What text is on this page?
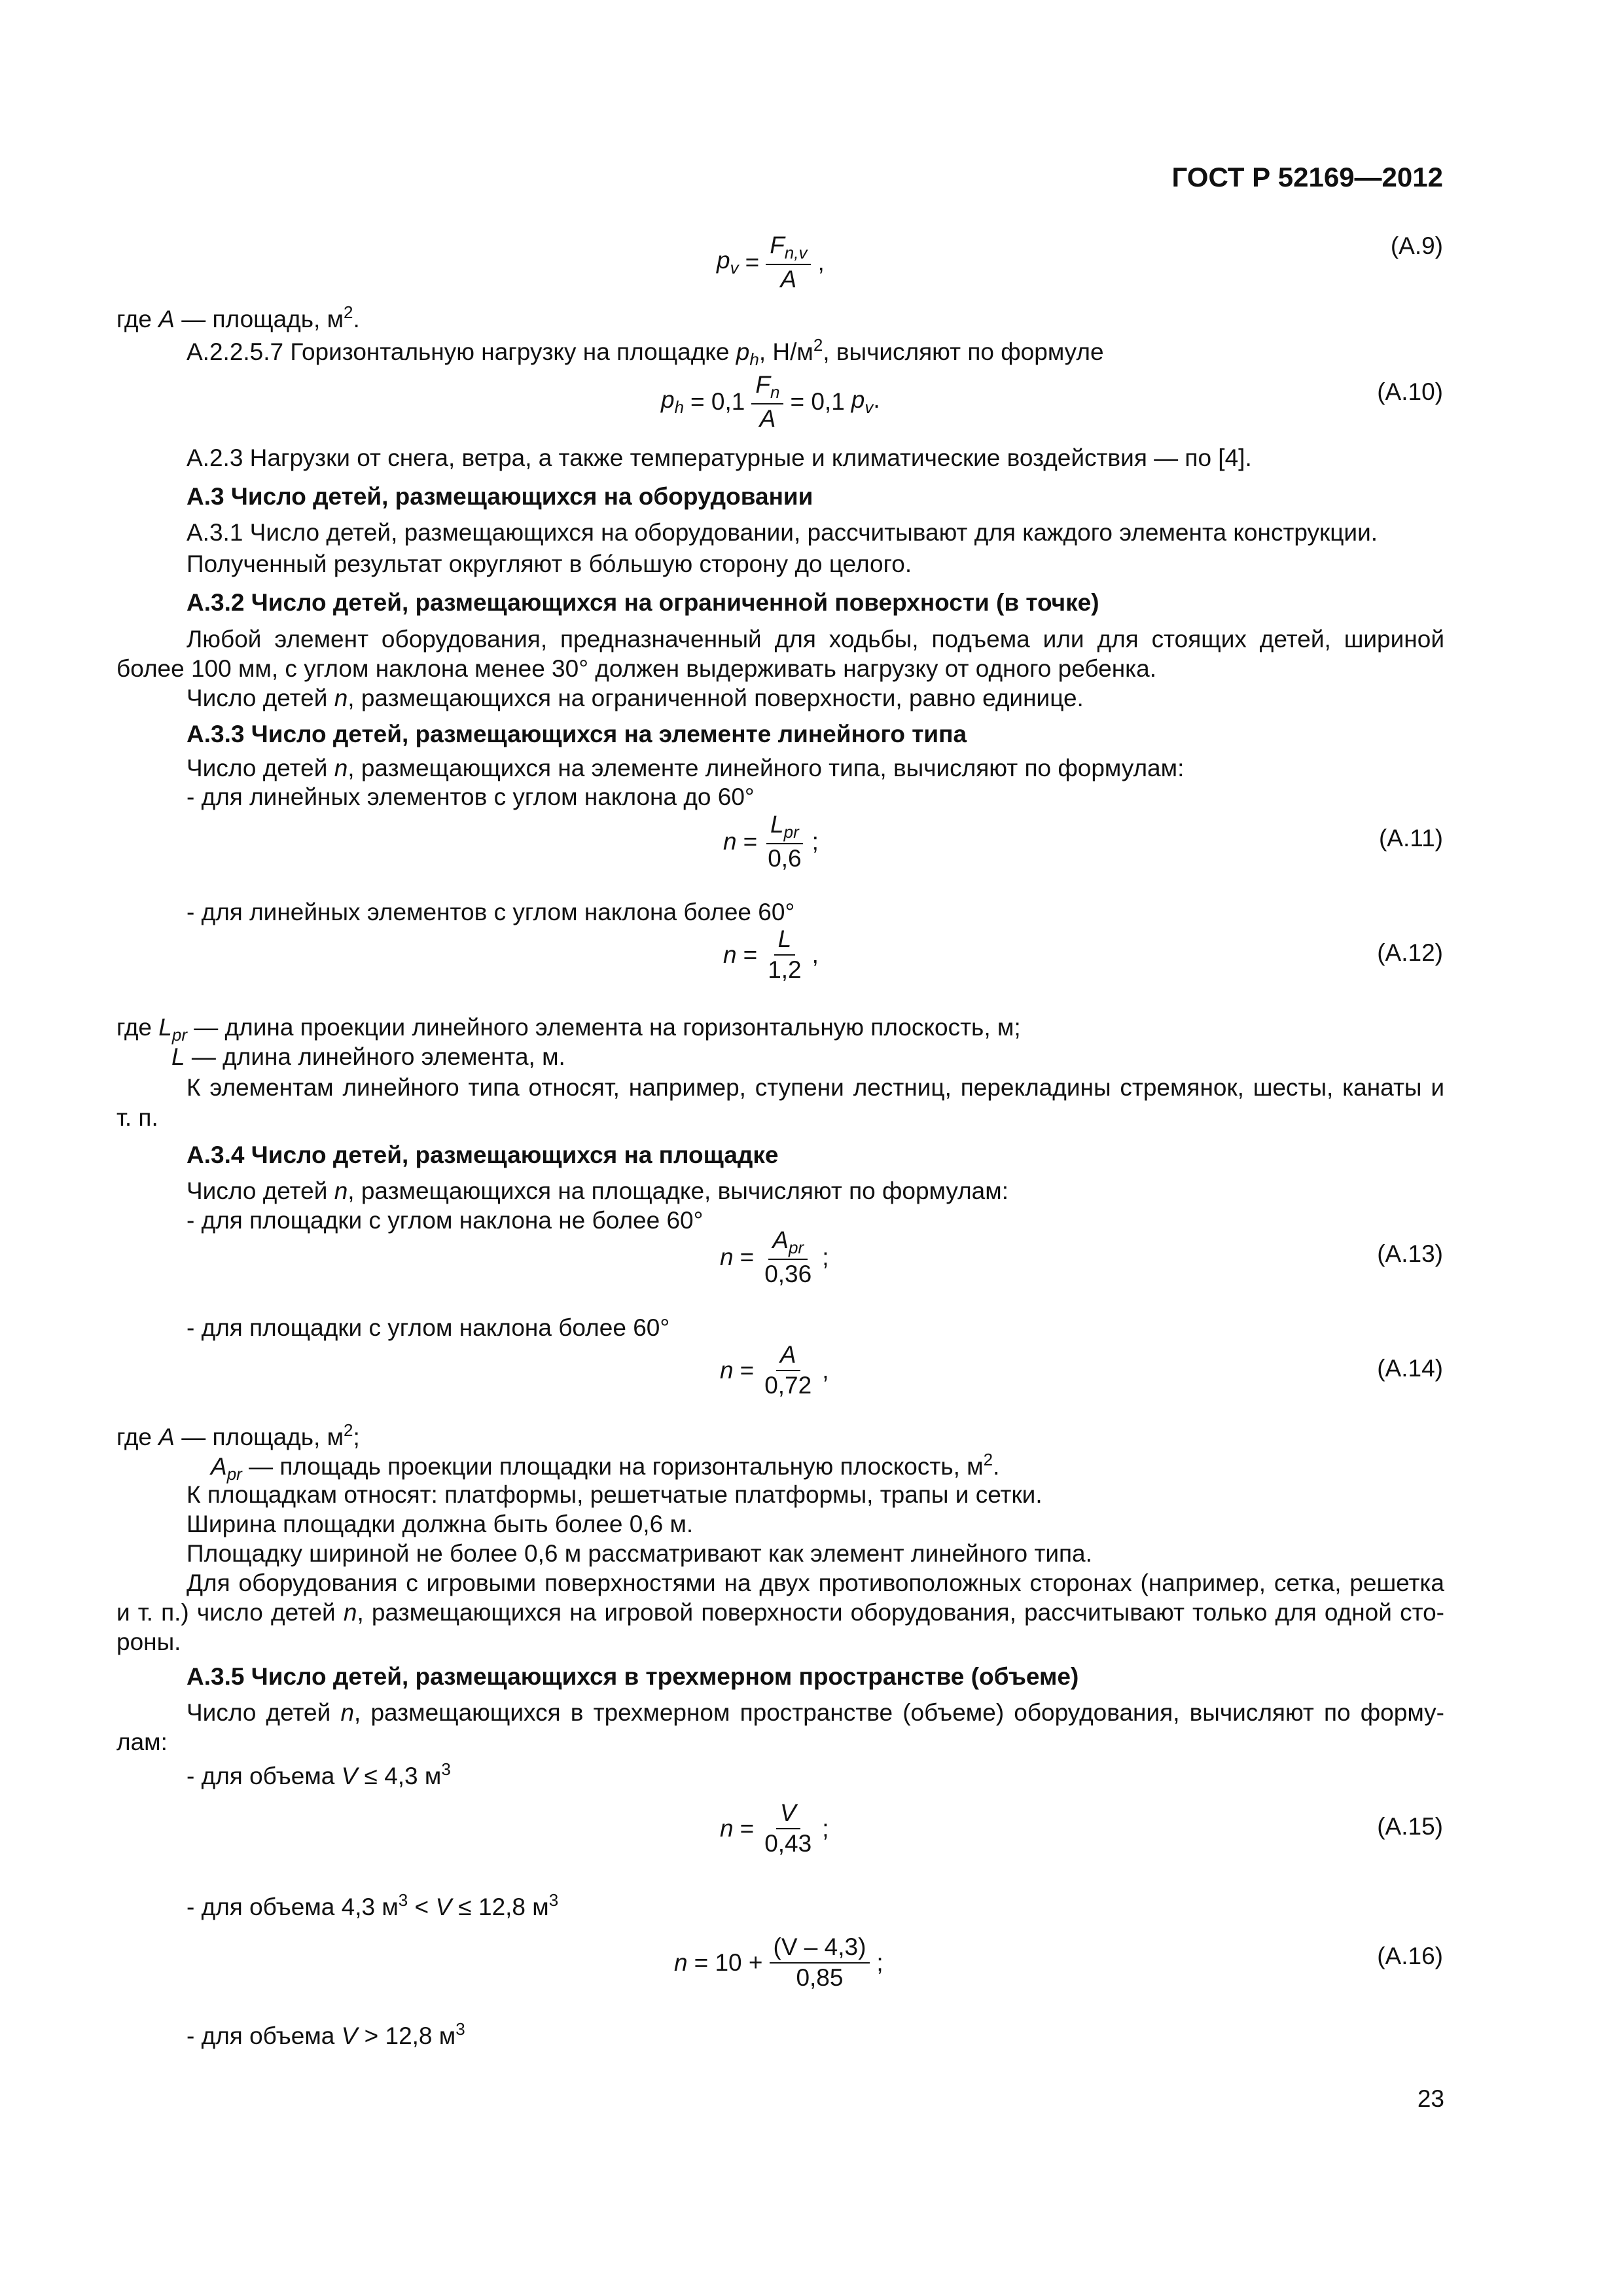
ГОСТ Р 52169—2012
$p_v = \frac{F_{n,v}}{A}$ ,
(А.9)
где A — площадь, $м^2$.
А.2.2.5.7 Горизонтальную нагрузку на площадке $p_h$, $Н/м^2$, вычисляют по формуле
$p_h = 0,1 \frac{F_n}{A} = 0,1$ $p_v$.	(А.10)
А.2.3 Нагрузки от снега, ветра, а также температурные и климатические воздействия — по [4].
А.3 Число детей, размещающихся на оборудовании
А.3.1 Число детей, размещающихся на оборудовании, рассчитывают для каждого элемента конструкции.
Полученный результат округляют в бо́льшую сторону до целого.
А.3.2 Число детей, размещающихся на ограниченной поверхности (в точке)
Любой элемент оборудования, предназначенный для ходьбы, подъема или для стоящих детей, шириной
более 100 мм, с углом наклона менее 30° должен выдерживать нагрузку от одного ребенка.
Число детей n, размещающихся на ограниченной поверхности, равно единице.
А.3.3 Число детей, размещающихся на элементе линейного типа
Число детей n, размещающихся на элементе линейного типа, вычисляют по формулам:
- для линейных элементов с углом наклона до 60°
$n = \frac{L_{pr}}{0,6}$ ;	(А.11)
- для линейных элементов с углом наклона более 60°
$n = \frac{L}{1,2}$ ,	(А.12)
где $L_{pr}$ — длина проекции линейного элемента на горизонтальную плоскость, м;
L — длина линейного элемента, м.
К элементам линейного типа относят, например, ступени лестниц, перекладины стремянок, шесты, канаты и
т. п.
А.3.4 Число детей, размещающихся на площадке
Число детей n, размещающихся на площадке, вычисляют по формулам:
- для площадки с углом наклона не более 60°
$n = \frac{A_{pr}}{0,36}$ ;	(А.13)
- для площадки с углом наклона более 60°
$n = \frac{A}{0,72}$ ,	(А.14)
где A — площадь, $м^2$;
$A_{pr}$ — площадь проекции площадки на горизонтальную плоскость, $м^2$.
К площадкам относят: платформы, решетчатые платформы, трапы и сетки.
Ширина площадки должна быть более 0,6 м.
Площадку шириной не более 0,6 м рассматривают как элемент линейного типа.
Для оборудования с игровыми поверхностями на двух противоположных сторонах (например, сетка, решетка
и т. п.) число детей n, размещающихся на игровой поверхности оборудования, рассчитывают только для одной сто-
роны.
А.3.5 Число детей, размещающихся в трехмерном пространстве (объеме)
Число детей n, размещающихся в трехмерном пространстве (объеме) оборудования, вычисляют по форму-
лам:
- для объема V ≤ 4,3 $м^3$
$n = \frac{V}{0,43}$ ;	(А.15)
- для объема 4,3 $м^3 < V \le 12,8$ $м^3$
$n = 10 + \frac{(V - 4,3)}{0,85}$ ;	(А.16)
- для объема V > 12,8 $м^3$
23
